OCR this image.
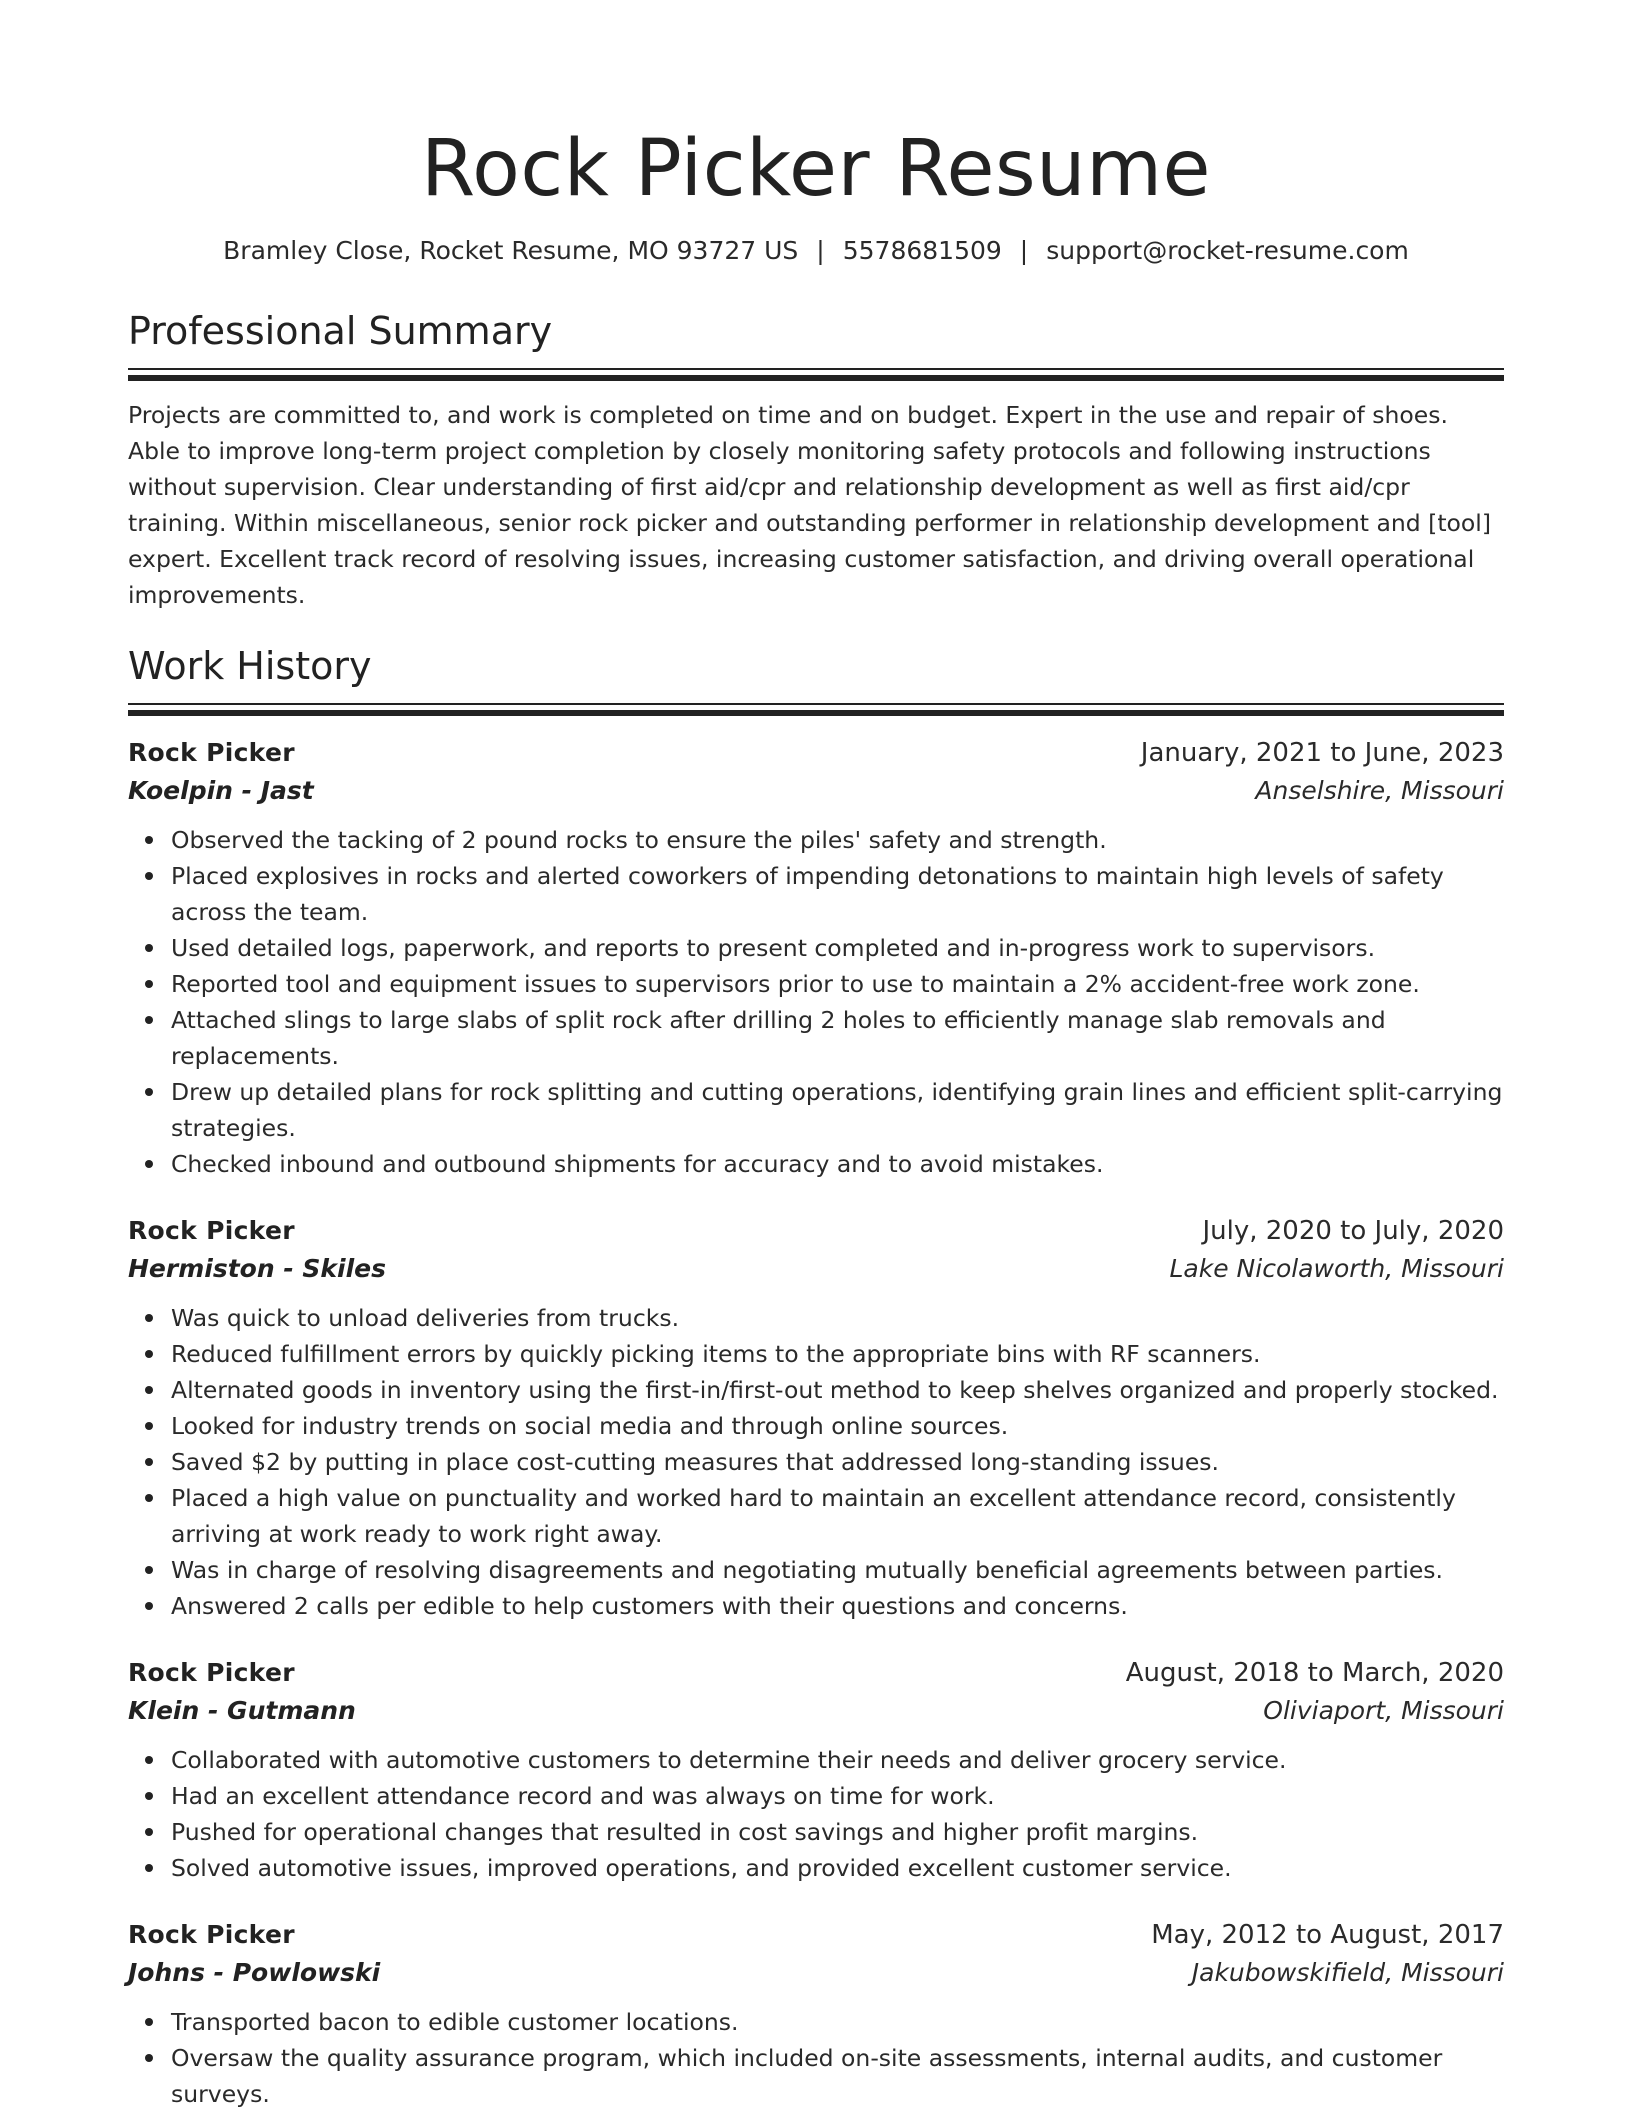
Rock Picker Resume
Bramley Close, Rocket Resume, MO 93727 US | 5578681509 | support@rocket-resume.com
Professional Summary

Projects are committed to, and work is completed on time and on budget. Expert in the use and repair of shoes. Able to improve long-term project completion by closely monitoring safety protocols and following instructions without supervision. Clear understanding of first aid/cpr and relationship development as well as first aid/cpr training. Within miscellaneous, senior rock picker and outstanding performer in relationship development and [tool] expert. Excellent track record of resolving issues, increasing customer satisfaction, and driving overall operational improvements.

Work History
Rock Picker	January, 2021 to June, 2023
Koelpin - Jast	Anselshire, Missouri
Observed the tacking of 2 pound rocks to ensure the piles' safety and strength.
Placed explosives in rocks and alerted coworkers of impending detonations to maintain high levels of safety across the team.
Used detailed logs, paperwork, and reports to present completed and in-progress work to supervisors.
Reported tool and equipment issues to supervisors prior to use to maintain a 2% accident-free work zone.
Attached slings to large slabs of split rock after drilling 2 holes to efficiently manage slab removals and replacements.
Drew up detailed plans for rock splitting and cutting operations, identifying grain lines and efficient split-carrying strategies.
Checked inbound and outbound shipments for accuracy and to avoid mistakes.
Rock Picker	July, 2020 to July, 2020
Hermiston - Skiles	Lake Nicolaworth, Missouri
Was quick to unload deliveries from trucks.
Reduced fulfillment errors by quickly picking items to the appropriate bins with RF scanners.
Alternated goods in inventory using the first-in/first-out method to keep shelves organized and properly stocked.
Looked for industry trends on social media and through online sources.
Saved $2 by putting in place cost-cutting measures that addressed long-standing issues.
Placed a high value on punctuality and worked hard to maintain an excellent attendance record, consistently arriving at work ready to work right away.
Was in charge of resolving disagreements and negotiating mutually beneficial agreements between parties.
Answered 2 calls per edible to help customers with their questions and concerns.
Rock Picker	August, 2018 to March, 2020
Klein - Gutmann	Oliviaport, Missouri
Collaborated with automotive customers to determine their needs and deliver grocery service.
Had an excellent attendance record and was always on time for work.
Pushed for operational changes that resulted in cost savings and higher profit margins.
Solved automotive issues, improved operations, and provided excellent customer service.
Rock Picker	May, 2012 to August, 2017
Johns - Powlowski	Jakubowskifield, Missouri
Transported bacon to edible customer locations.
Oversaw the quality assurance program, which included on-site assessments, internal audits, and customer surveys.
